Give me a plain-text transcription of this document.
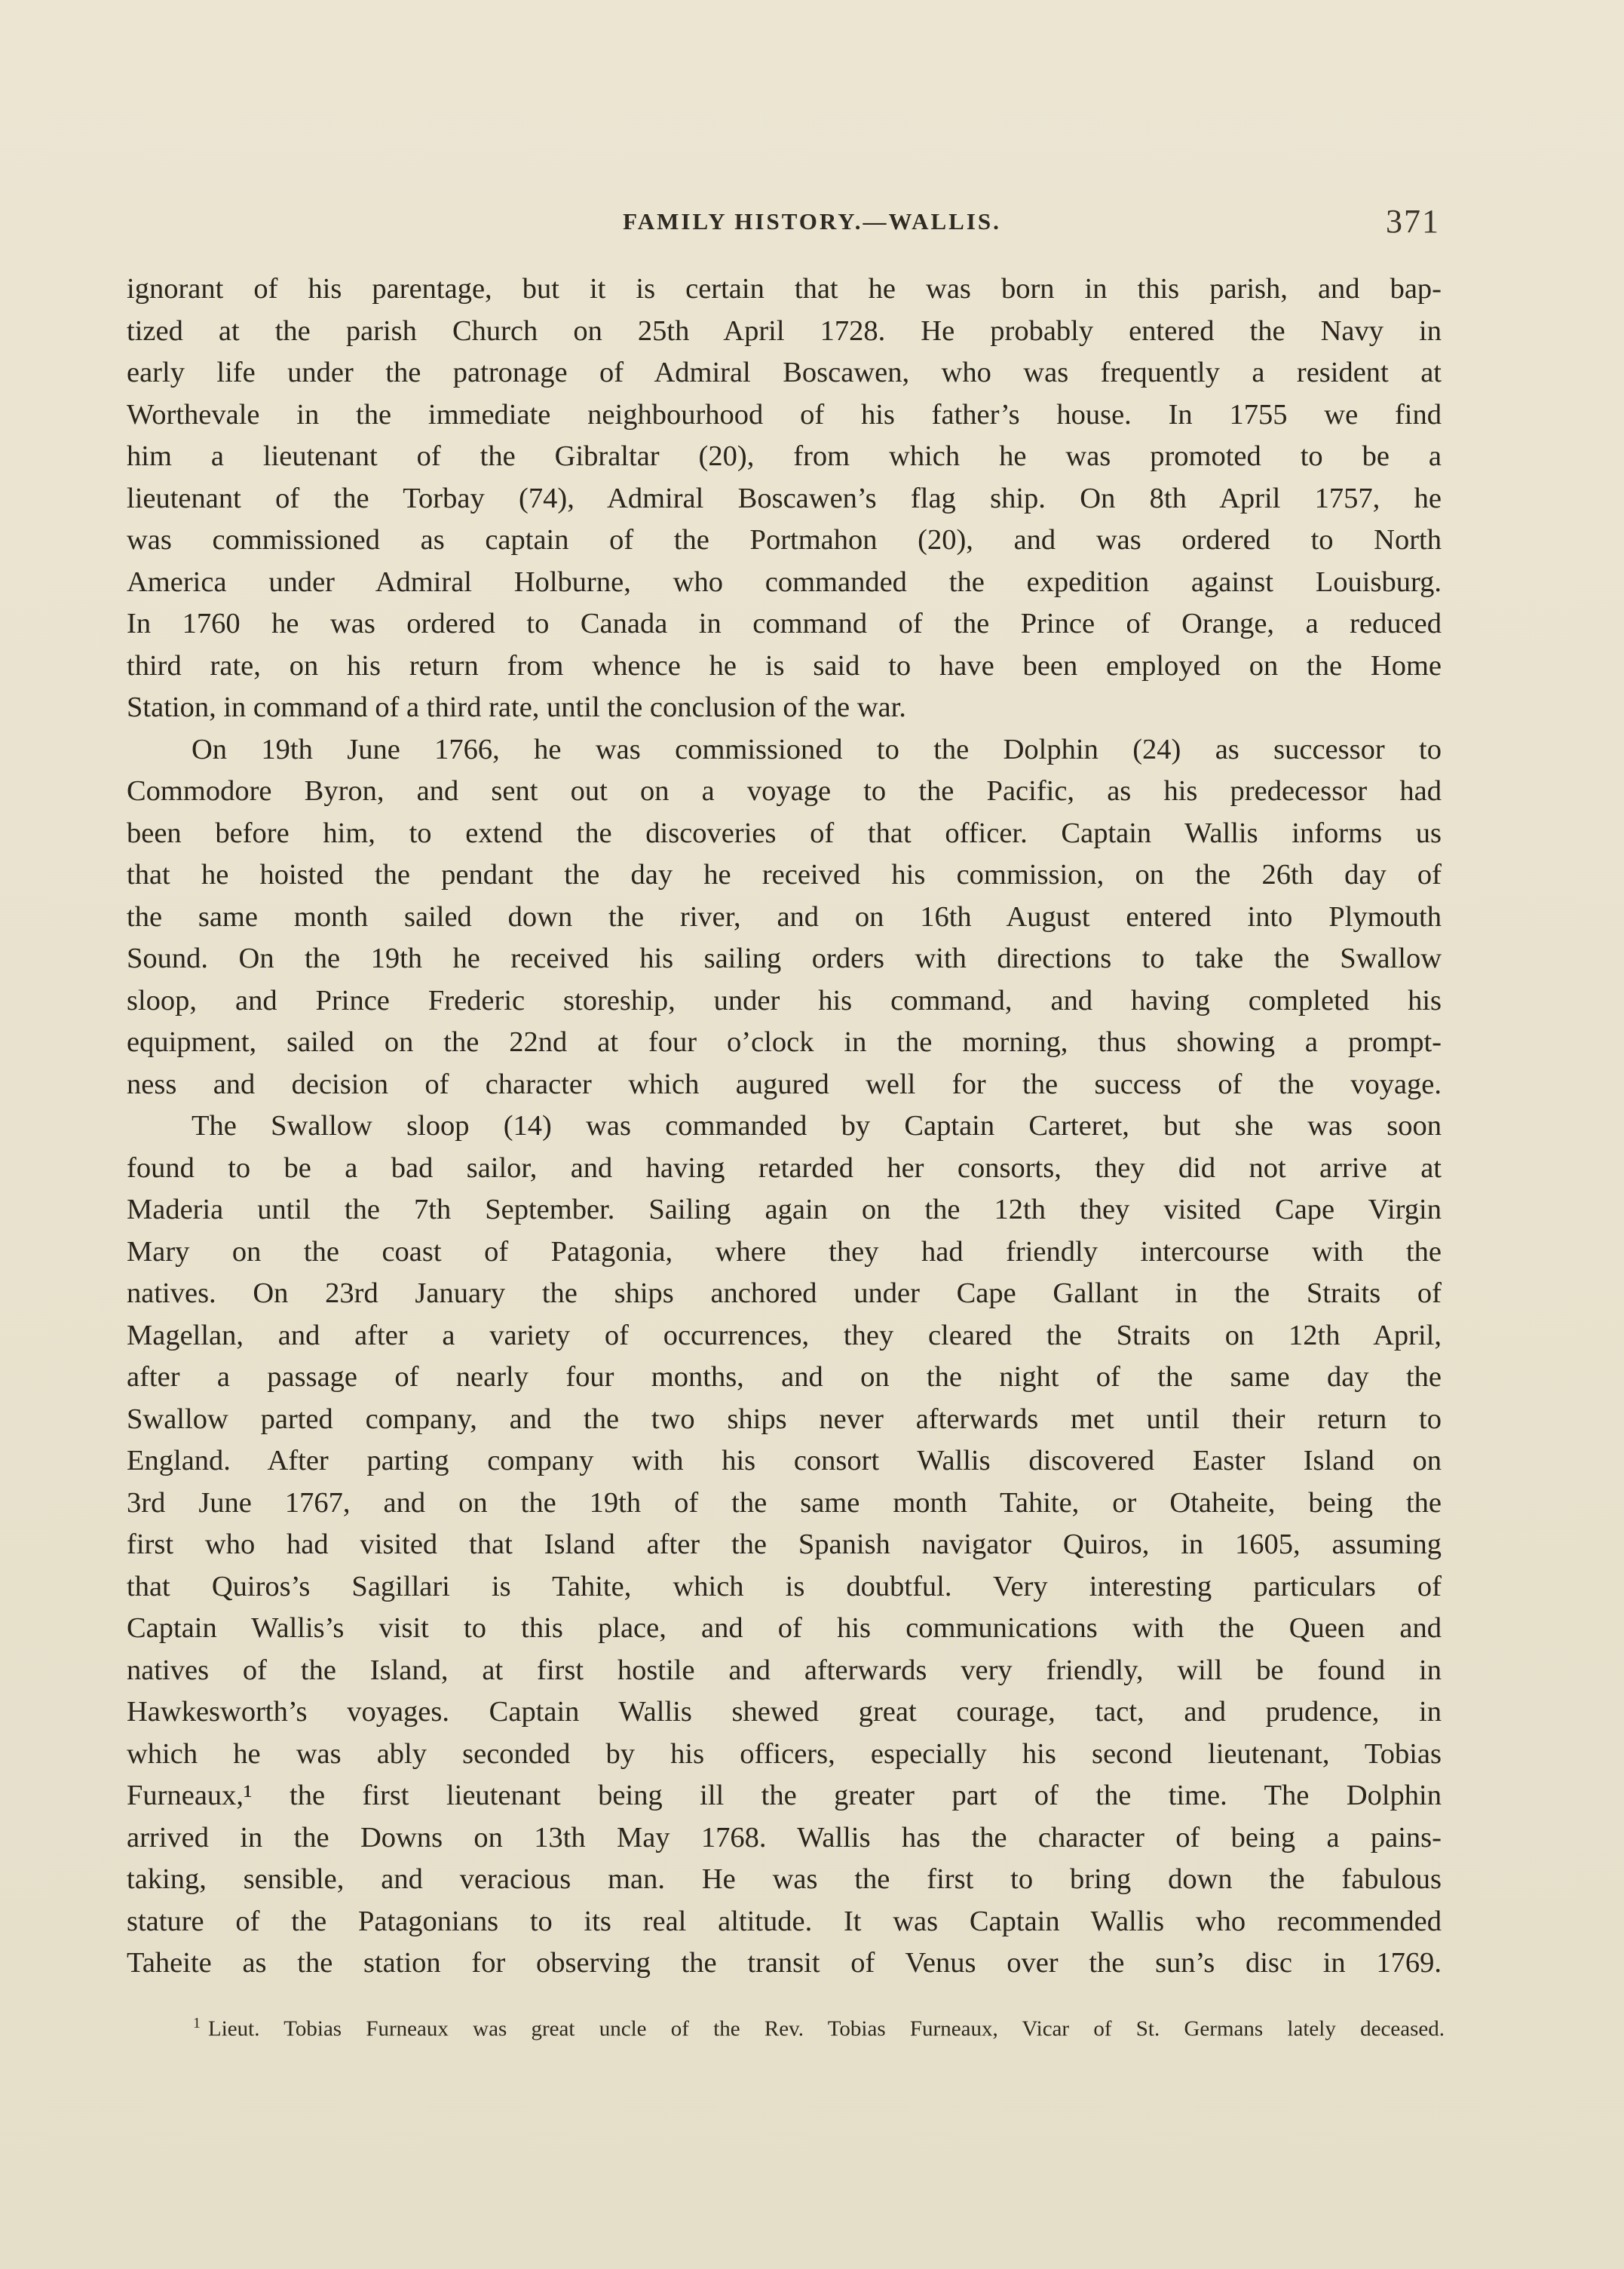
FAMILY HISTORY.—WALLIS.	371
ignorant of his parentage, but it is certain that he was born in this parish, and bap-
tized at the parish Church on 25th April 1728. He probably entered the Navy in
early life under the patronage of Admiral Boscawen, who was frequently a resident at
Worthevale in the immediate neighbourhood of his father’s house. In 1755 we find
him a lieutenant of the Gibraltar (20), from which he was promoted to be a
lieutenant of the Torbay (74), Admiral Boscawen’s flag ship. On 8th April 1757, he
was commissioned as captain of the Portmahon (20), and was ordered to North
America under Admiral Holburne, who commanded the expedition against Louisburg.
In 1760 he was ordered to Canada in command of the Prince of Orange, a reduced
third rate, on his return from whence he is said to have been employed on the Home
Station, in command of a third rate, until the conclusion of the war.
On 19th June 1766, he was commissioned to the Dolphin (24) as successor to
Commodore Byron, and sent out on a voyage to the Pacific, as his predecessor had
been before him, to extend the discoveries of that officer. Captain Wallis informs us
that he hoisted the pendant the day he received his commission, on the 26th day of
the same month sailed down the river, and on 16th August entered into Plymouth
Sound. On the 19th he received his sailing orders with directions to take the Swallow
sloop, and Prince Frederic storeship, under his command, and having completed his
equipment, sailed on the 22nd at four o’clock in the morning, thus showing a prompt-
ness and decision of character which augured well for the success of the voyage.
The Swallow sloop (14) was commanded by Captain Carteret, but she was soon
found to be a bad sailor, and having retarded her consorts, they did not arrive at
Maderia until the 7th September. Sailing again on the 12th they visited Cape Virgin
Mary on the coast of Patagonia, where they had friendly intercourse with the
natives. On 23rd January the ships anchored under Cape Gallant in the Straits of
Magellan, and after a variety of occurrences, they cleared the Straits on 12th April,
after a passage of nearly four months, and on the night of the same day the
Swallow parted company, and the two ships never afterwards met until their return to
England. After parting company with his consort Wallis discovered Easter Island on
3rd June 1767, and on the 19th of the same month Tahite, or Otaheite, being the
first who had visited that Island after the Spanish navigator Quiros, in 1605, assuming
that Quiros’s Sagillari is Tahite, which is doubtful. Very interesting particulars of
Captain Wallis’s visit to this place, and of his communications with the Queen and
natives of the Island, at first hostile and afterwards very friendly, will be found in
Hawkesworth’s voyages. Captain Wallis shewed great courage, tact, and prudence, in
which he was ably seconded by his officers, especially his second lieutenant, Tobias
Furneaux,¹ the first lieutenant being ill the greater part of the time. The Dolphin
arrived in the Downs on 13th May 1768. Wallis has the character of being a pains-
taking, sensible, and veracious man. He was the first to bring down the fabulous
stature of the Patagonians to its real altitude. It was Captain Wallis who recommended
Taheite as the station for observing the transit of Venus over the sun’s disc in 1769.
$^1$ Lieut. Tobias Furneaux was great uncle of the Rev. Tobias Furneaux, Vicar of St. Germans lately deceased.
